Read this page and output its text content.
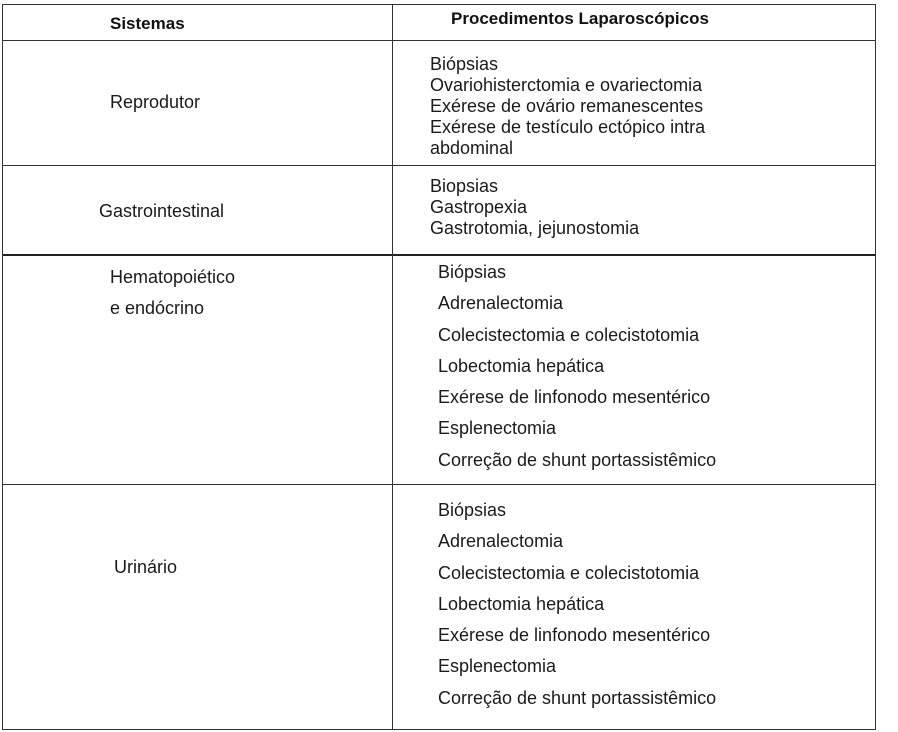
Sistemas	Procedimentos Laparoscópicos
Reprodutor
Biópsias
Ovariohisterctomia e ovariectomia
Exérese de ovário remanescentes
Exérese de testículo ectópico intra
abdominal
Gastrointestinal
Biopsias
Gastropexia
Gastrotomia, jejunostomia
Hematopoiético
e endócrino
Biópsias
Adrenalectomia
Colecistectomia e colecistotomia
Lobectomia hepática
Exérese de linfonodo mesentérico
Esplenectomia
Correção de shunt portassistêmico
Urinário
Biópsias
Adrenalectomia
Colecistectomia e colecistotomia
Lobectomia hepática
Exérese de linfonodo mesentérico
Esplenectomia
Correção de shunt portassistêmico
